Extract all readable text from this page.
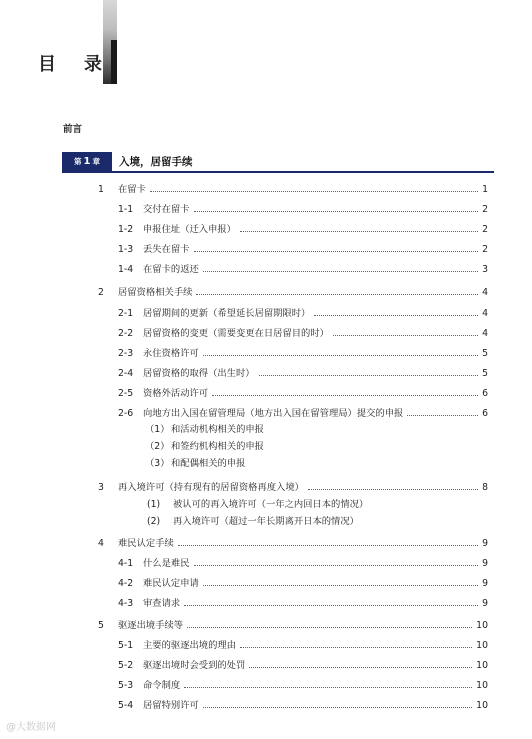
目 录
前言
第 1 章 入境，居留手续
1	在留卡	1
1-1	交付在留卡	2
1-2	申报住址（迁入申报）	2
1-3	丢失在留卡	2
1-4	在留卡的返还	3
2	居留资格相关手续	4
2-1	居留期间的更新（希望延长居留期限时）	4
2-2	居留资格的变更（需要变更在日居留目的时）	4
2-3	永住资格许可	5
2-4	居留资格的取得（出生时）	5
2-5	资格外活动许可	6
2-6	向地方出入国在留管理局（地方出入国在留管理局）提交的申报	6
（1）和活动机构相关的申报
（2）和签约机构相关的申报
（3）和配偶相关的申报
3	再入境许可（持有现有的居留资格再度入境）	8
(1) 被认可的再入境许可（一年之内回日本的情况）
(2) 再入境许可（超过一年长期离开日本的情况）
4	难民认定手续	9
4-1	什么是难民	9
4-2	难民认定申请	9
4-3	审查请求	9
5	驱逐出境手续等	10
5-1	主要的驱逐出境的理由	10
5-2	驱逐出境时会受到的处罚	10
5-3	命令制度	10
5-4	居留特别许可	10
@大数据网
